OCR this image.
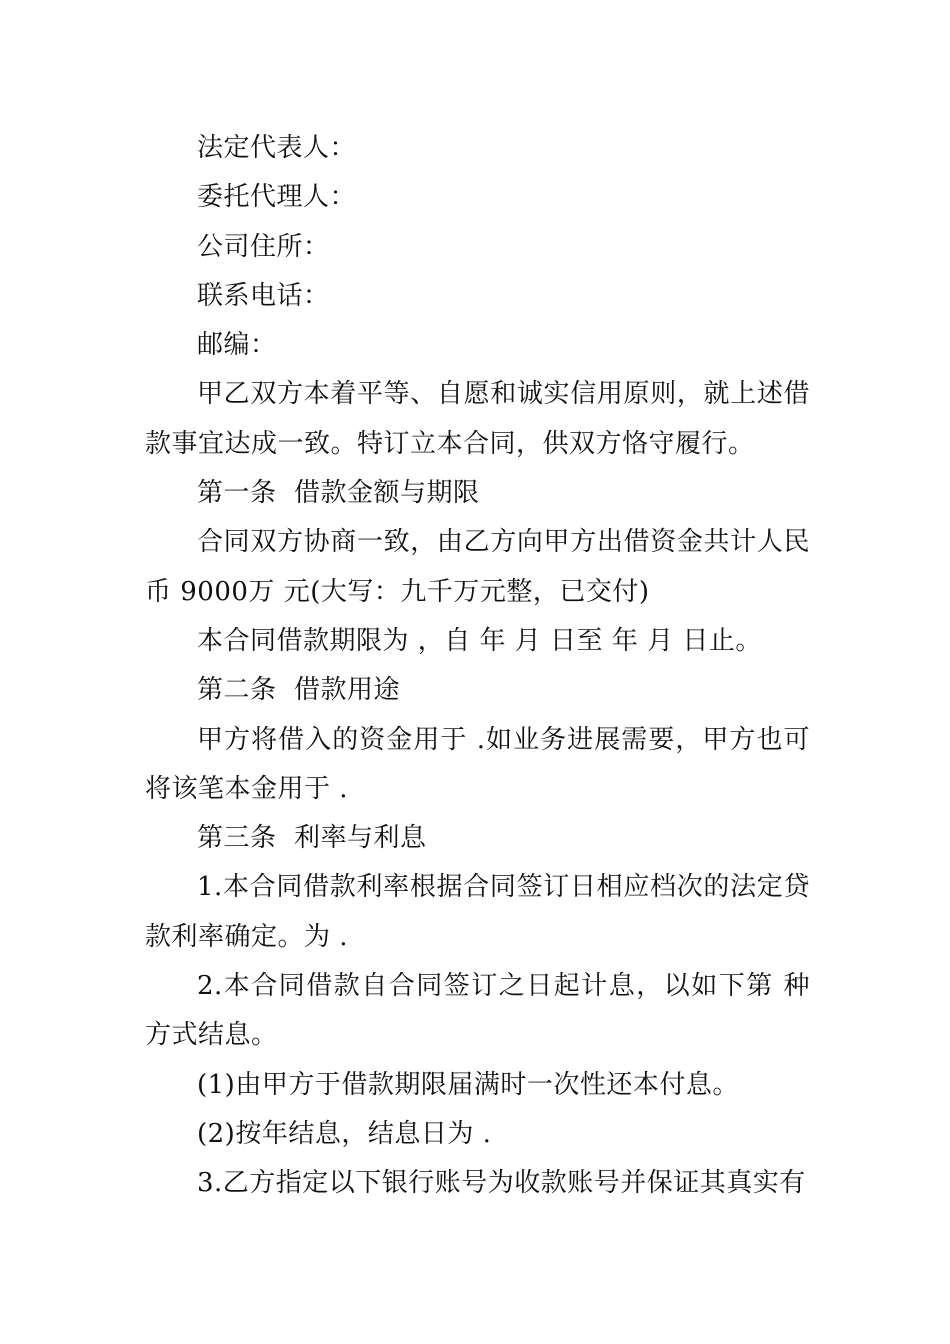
法定代表人：

委托代理人：

公司住所：

联系电话：

邮编：

甲乙双方本着平等、自愿和诚实信用原则，就上述借款事宜达成一致。特订立本合同，供双方恪守履行。

第一条  借款金额与期限

合同双方协商一致，由乙方向甲方出借资金共计人民币 9000万 元(大写：九千万元整，已交付)

本合同借款期限为 ，自 年 月 日至 年 月 日止。

第二条  借款用途

甲方将借入的资金用于 .如业务进展需要，甲方也可将该笔本金用于 .

第三条  利率与利息

1.本合同借款利率根据合同签订日相应档次的法定贷款利率确定。为 .

2.本合同借款自合同签订之日起计息，以如下第 种方式结息。

(1)由甲方于借款期限届满时一次性还本付息。

(2)按年结息，结息日为 .

3.乙方指定以下银行账号为收款账号并保证其真实有
